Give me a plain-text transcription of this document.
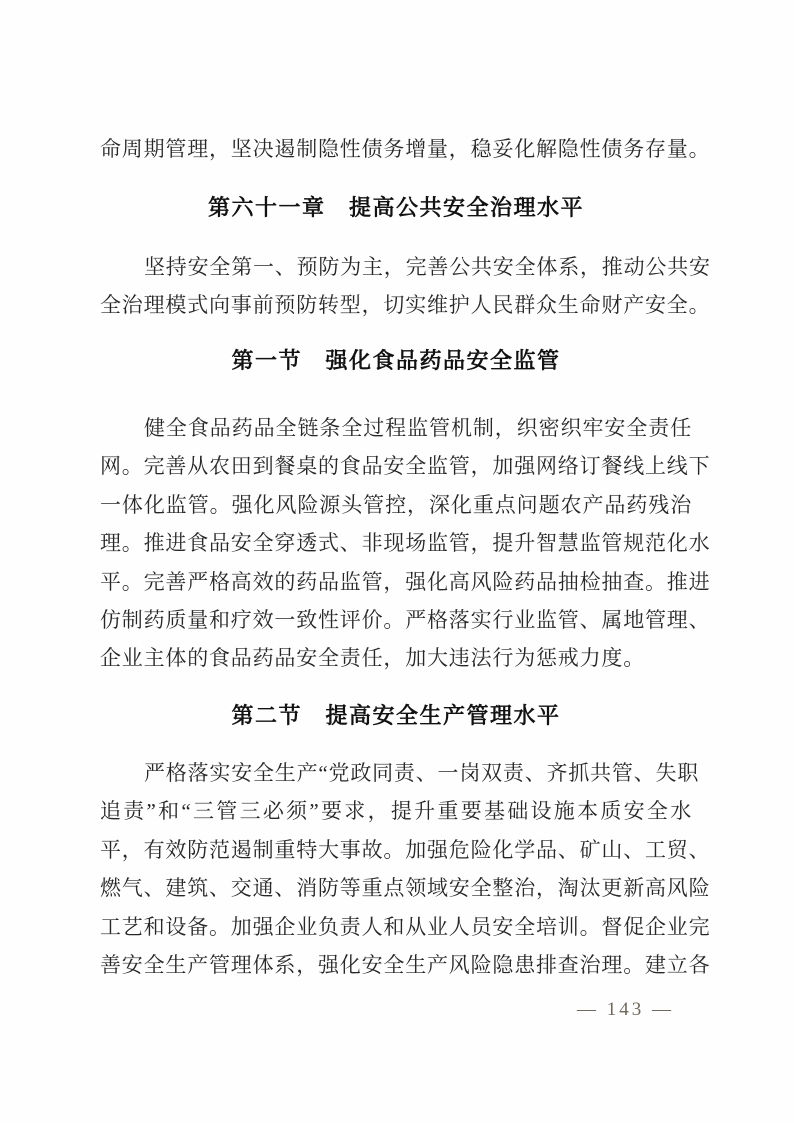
命周期管理，坚决遏制隐性债务增量，稳妥化解隐性债务存量。
第六十一章　提高公共安全治理水平
坚持安全第一、预防为主，完善公共安全体系，推动公共安
全治理模式向事前预防转型，切实维护人民群众生命财产安全。
第一节　强化食品药品安全监管
健全食品药品全链条全过程监管机制，织密织牢安全责任
网。完善从农田到餐桌的食品安全监管，加强网络订餐线上线下
一体化监管。强化风险源头管控，深化重点问题农产品药残治
理。推进食品安全穿透式、非现场监管，提升智慧监管规范化水
平。完善严格高效的药品监管，强化高风险药品抽检抽查。推进
仿制药质量和疗效一致性评价。严格落实行业监管、属地管理、
企业主体的食品药品安全责任，加大违法行为惩戒力度。
第二节　提高安全生产管理水平
严格落实安全生产“党政同责、一岗双责、齐抓共管、失职
追责”和“三管三必须”要求，提升重要基础设施本质安全水
平，有效防范遏制重特大事故。加强危险化学品、矿山、工贸、
燃气、建筑、交通、消防等重点领域安全整治，淘汰更新高风险
工艺和设备。加强企业负责人和从业人员安全培训。督促企业完
善安全生产管理体系，强化安全生产风险隐患排查治理。建立各
— 143 —
